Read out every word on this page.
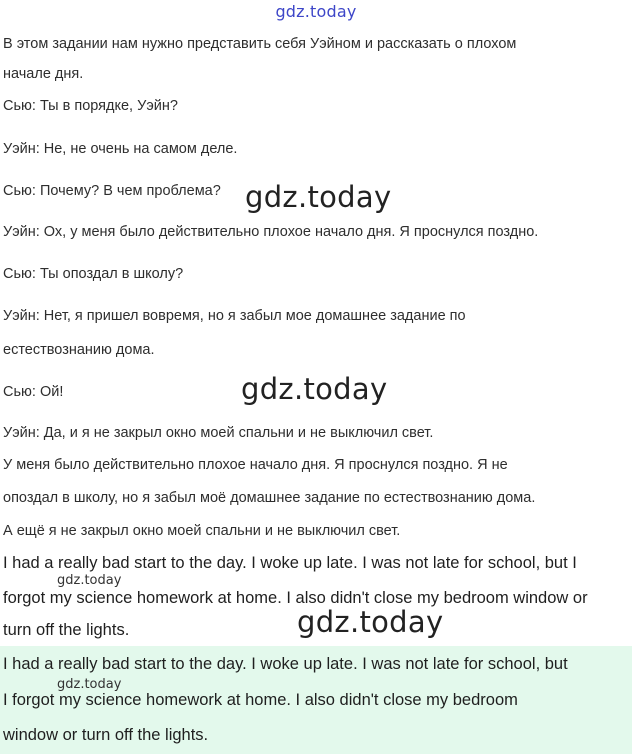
gdz.today
В этом задании нам нужно представить себя Уэйном и рассказать о плохом
начале дня.
Сью: Ты в порядке, Уэйн?
Уэйн: Не, не очень на самом деле.
Сью: Почему? В чем проблема?
Уэйн: Ох, у меня было действительно плохое начало дня. Я проснулся поздно.
Сью: Ты опоздал в школу?
Уэйн: Нет, я пришел вовремя, но я забыл мое домашнее задание по
естествознанию дома.
Сью: Ой!
Уэйн: Да, и я не закрыл окно моей спальни и не выключил свет.
У меня было действительно плохое начало дня. Я проснулся поздно. Я не
опоздал в школу, но я забыл моё домашнее задание по естествознанию дома.
А ещё я не закрыл окно моей спальни и не выключил свет.
I had a really bad start to the day. I woke up late. I was not late for school, but I
forgot my science homework at home. I also didn't close my bedroom window or
turn off the lights.
I had a really bad start to the day. I woke up late. I was not late for school, but
I forgot my science homework at home. I also didn't close my bedroom
window or turn off the lights.
gdz.today
gdz.today
gdz.today
gdz.today
gdz.today
